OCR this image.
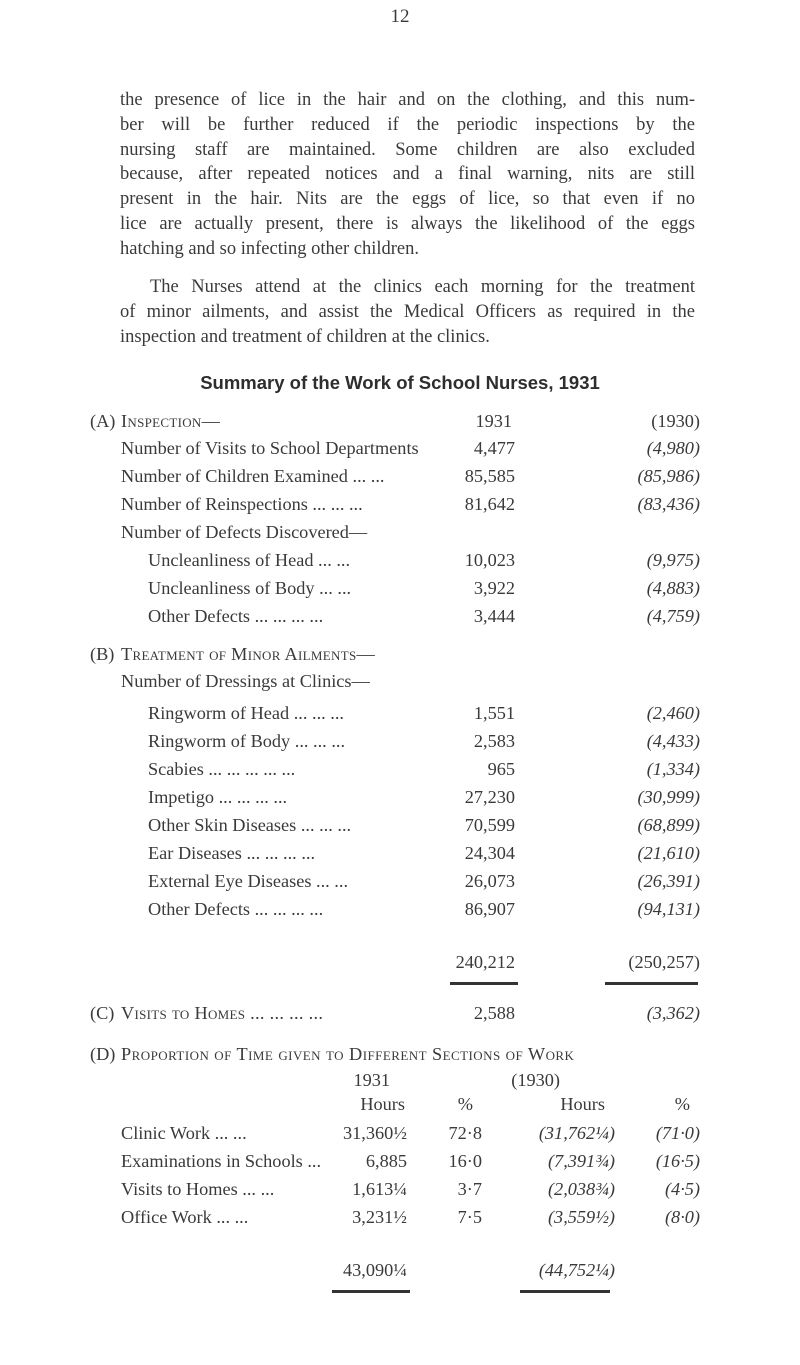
12
the presence of lice in the hair and on the clothing, and this num-
ber will be further reduced if the periodic inspections by the
nursing staff are maintained. Some children are also excluded
because, after repeated notices and a final warning, nits are still
present in the hair. Nits are the eggs of lice, so that even if no
lice are actually present, there is always the likelihood of the eggs
hatching and so infecting other children.
The Nurses attend at the clinics each morning for the treatment
of minor ailments, and assist the Medical Officers as required in the
inspection and treatment of children at the clinics.
Summary of the Work of School Nurses, 1931
(A) Inspection—	1931	(1930)
Number of Visits to School Departments	4,477	(4,980)
Number of Children Examined ... ...	85,585	(85,986)
Number of Reinspections ... ... ...	81,642	(83,436)
Number of Defects Discovered—
Uncleanliness of Head ... ...	10,023	(9,975)
Uncleanliness of Body ... ...	3,922	(4,883)
Other Defects ... ... ... ...	3,444	(4,759)
(B) Treatment of Minor Ailments—
Number of Dressings at Clinics—
Ringworm of Head ... ... ...	1,551	(2,460)
Ringworm of Body ... ... ...	2,583	(4,433)
Scabies ... ... ... ... ...	965	(1,334)
Impetigo ... ... ... ...	27,230	(30,999)
Other Skin Diseases ... ... ...	70,599	(68,899)
Ear Diseases ... ... ... ...	24,304	(21,610)
External Eye Diseases ... ...	26,073	(26,391)
Other Defects ... ... ... ...	86,907	(94,131)
240,212	(250,257)
(C) Visits to Homes ... ... ... ...	2,588	(3,362)
(D) Proportion of Time given to Different Sections of Work
1931	(1930)
Hours	%	Hours	%
Clinic Work ... ...	31,360½ 72·8	(31,762¼) (71·0)
Examinations in Schools ... 6,885 16·0	(7,391¾) (16·5)
Visits to Homes ... ...	1,613¼	3·7	(2,038¾)	(4·5)
Office Work ... ...	3,231½	7·5	(3,559½)	(8·0)
43,090¼	(44,752¼)
